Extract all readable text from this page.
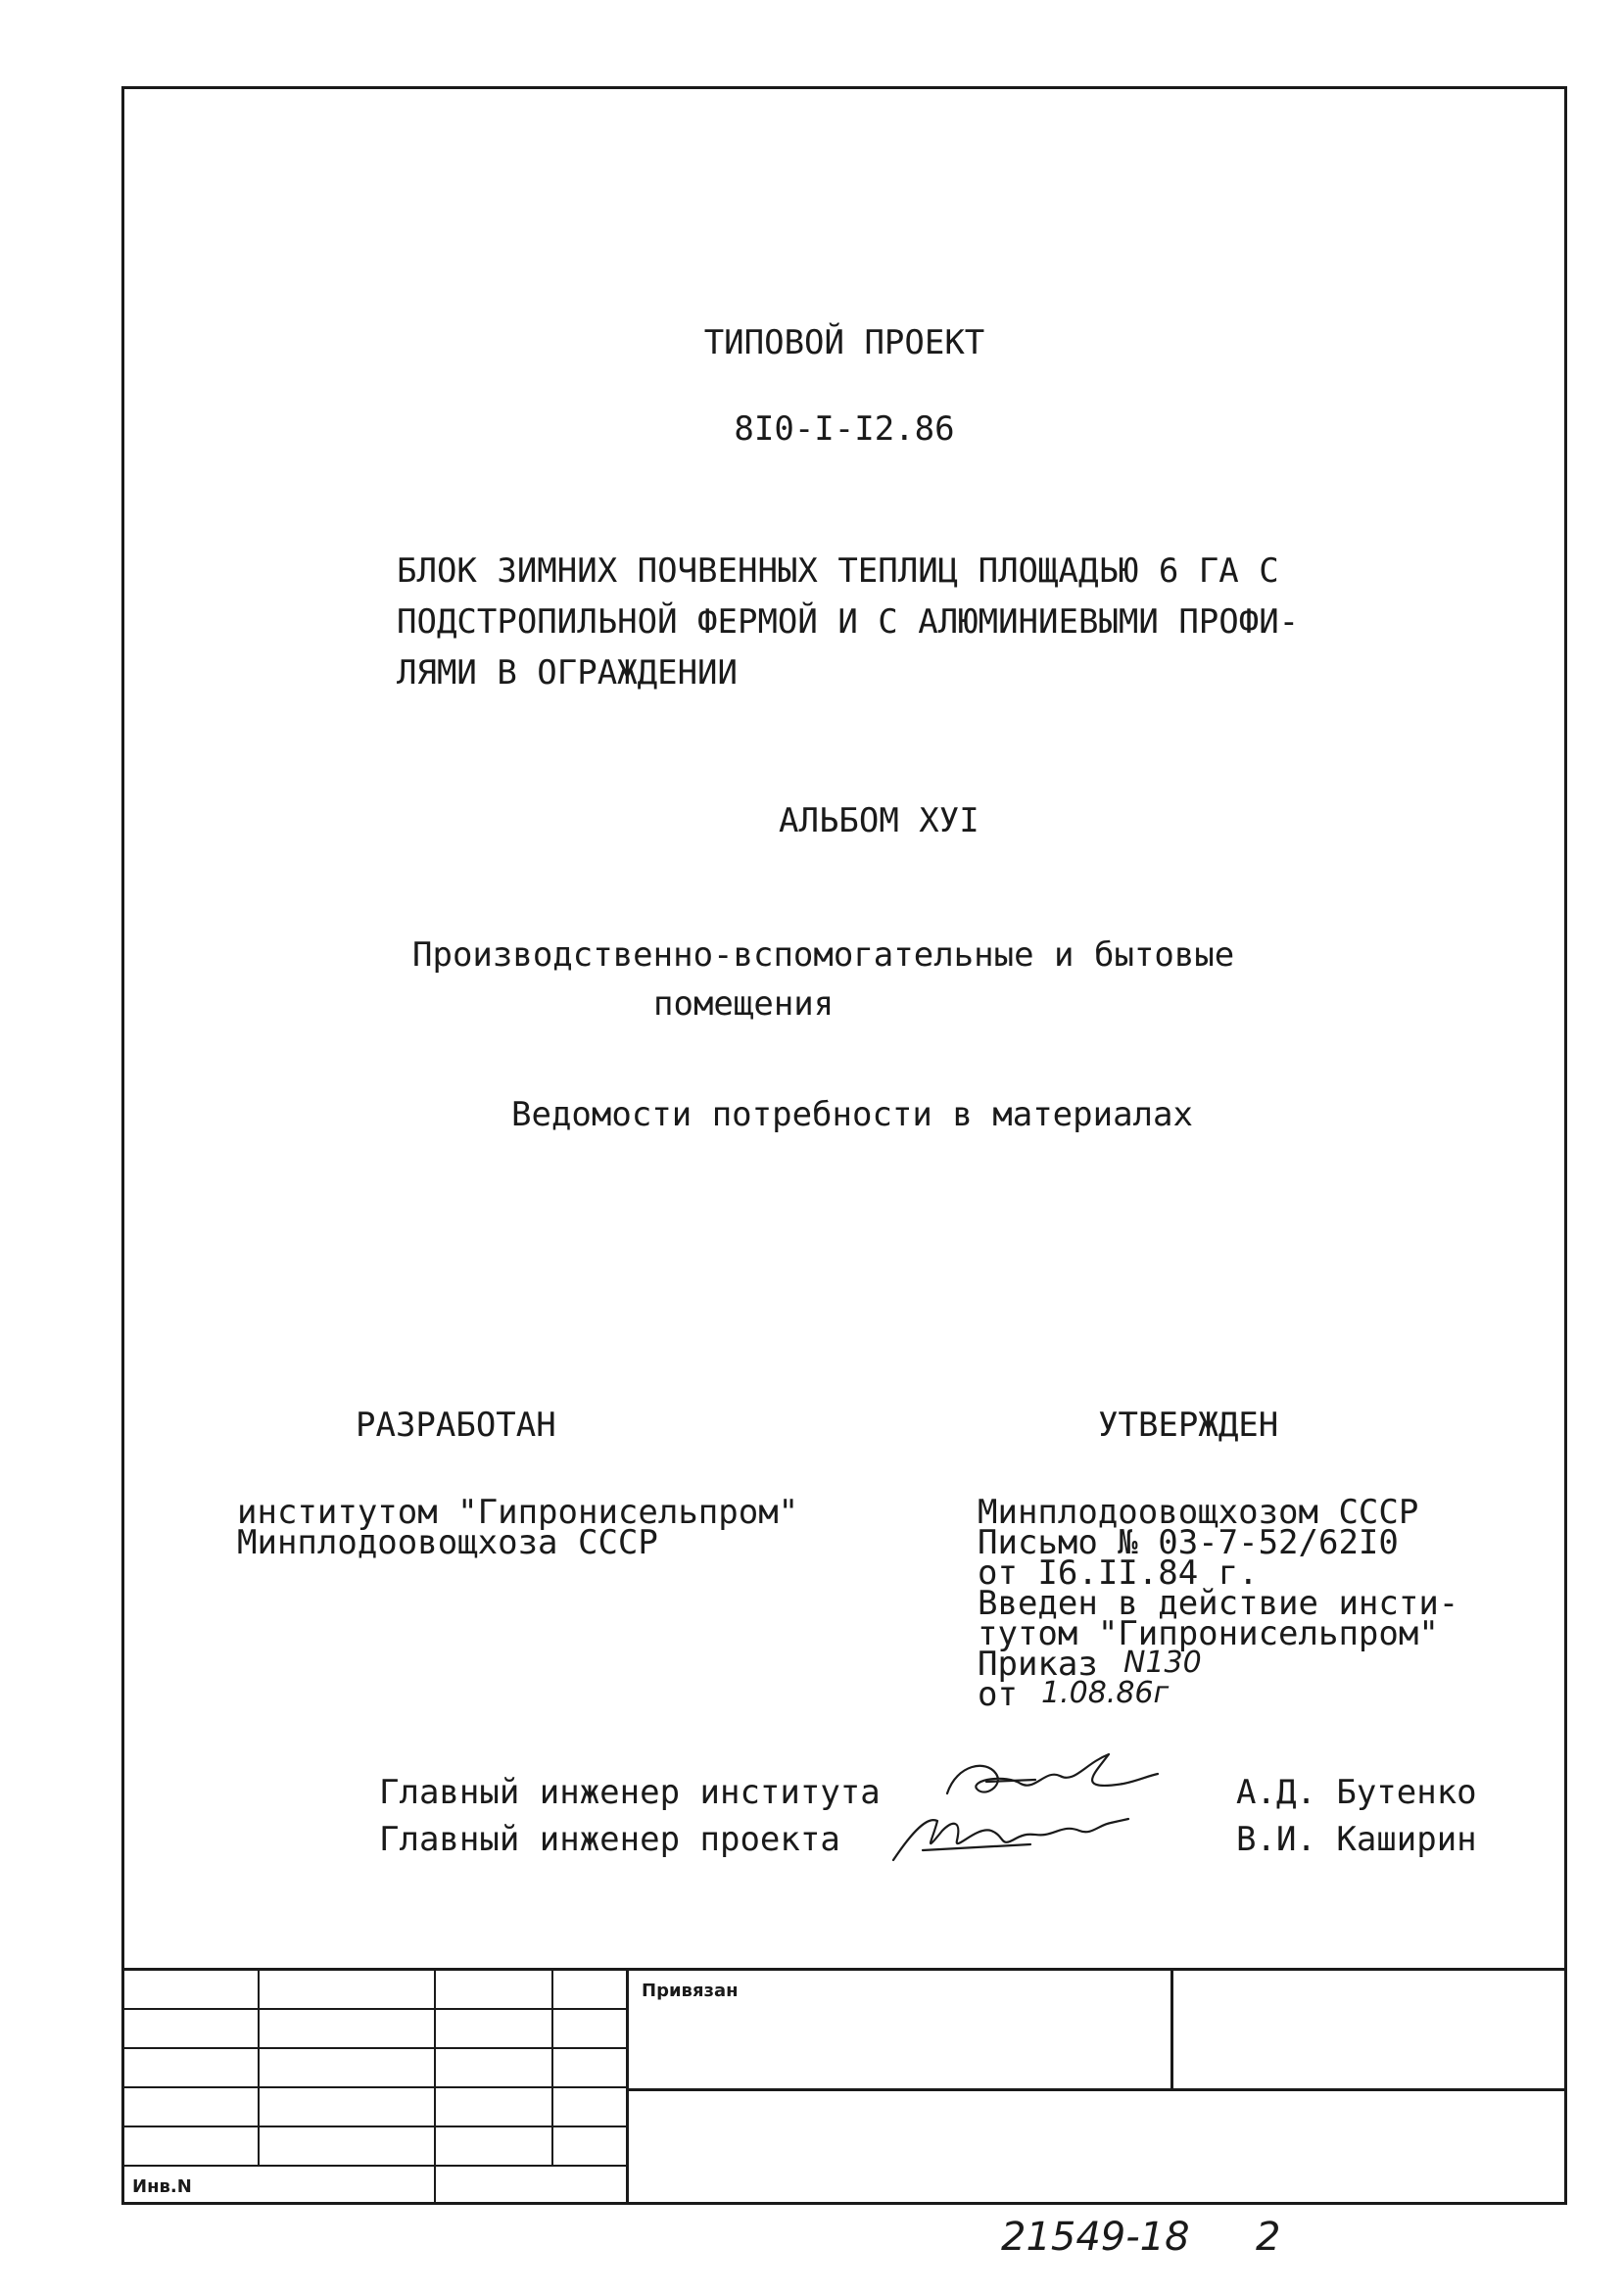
ТИПОВОЙ ПРОЕКТ
8I0-I-I2.86
БЛОК ЗИМНИХ ПОЧВЕННЫХ ТЕПЛИЦ ПЛОЩАДЬЮ 6 ГА С
ПОДСТРОПИЛЬНОЙ ФЕРМОЙ И С АЛЮМИНИЕВЫМИ ПРОФИ-
ЛЯМИ В ОГРАЖДЕНИИ
АЛЬБОМ XУI
Производственно-вспомогательные и бытовые
помещения
Ведомости потребности в материалах
РАЗРАБОТАН
институтом "Гипронисельпром"
Минплодоовощхоза СССР
УТВЕРЖДЕН
Минплодоовощхозом СССР
Письмо № 03-7-52/62I0
от I6.II.84 г.
Введен в действие инсти-
тутом "Гипронисельпром"
Приказ N130
от 1.08.86г
Главный инженер института	А.Д. Бутенко
Главный инженер проекта	В.И. Каширин
Привязан
Инв.N
21549-18 2
